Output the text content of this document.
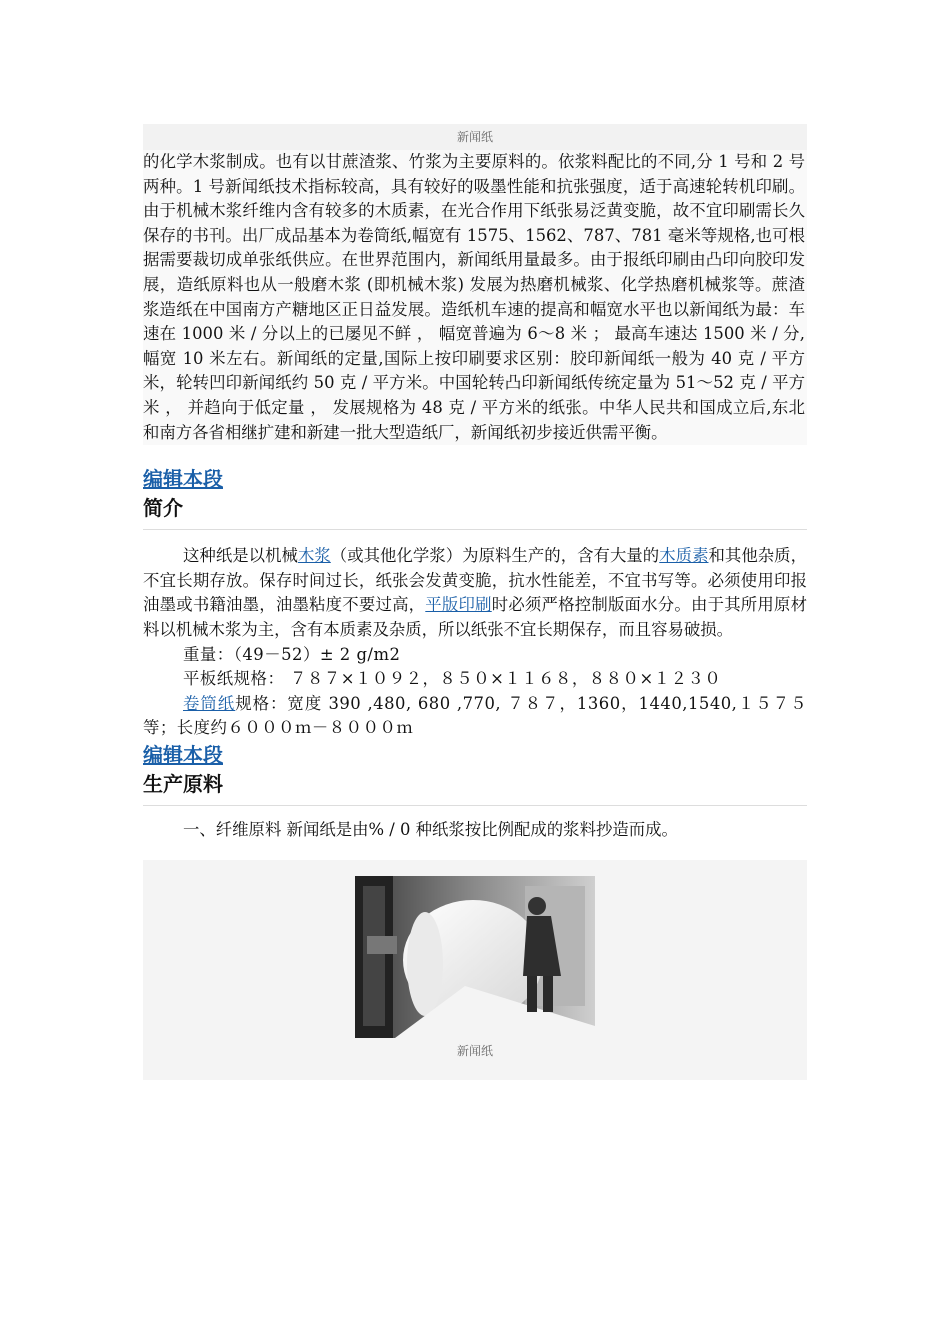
新闻纸

的化学木浆制成。也有以甘蔗渣浆、竹浆为主要原料的。依浆料配比的不同,分 1 号和 2 号两种。1 号新闻纸技术指标较高，具有较好的吸墨性能和抗张强度，适于高速轮转机印刷。由于机械木浆纤维内含有较多的木质素，在光合作用下纸张易泛黄变脆，故不宜印刷需长久保存的书刊。出厂成品基本为卷筒纸,幅宽有 1575、1562、787、781 毫米等规格,也可根据需要裁切成单张纸供应。在世界范围内，新闻纸用量最多。由于报纸印刷由凸印向胶印发展，造纸原料也从一般磨木浆 (即机械木浆) 发展为热磨机械浆、化学热磨机械浆等。蔗渣浆造纸在中国南方产糖地区正日益发展。造纸机车速的提高和幅宽水平也以新闻纸为最：车速在 1000 米 / 分以上的已屡见不鲜 ， 幅宽普遍为 6～8 米 ； 最高车速达 1500 米 / 分,幅宽 10 米左右。新闻纸的定量,国际上按印刷要求区别：胶印新闻纸一般为 40 克 / 平方米，轮转凹印新闻纸约 50 克 / 平方米。中国轮转凸印新闻纸传统定量为 51～52 克 / 平方米 ， 并趋向于低定量 ， 发展规格为 48 克 / 平方米的纸张。中华人民共和国成立后,东北和南方各省相继扩建和新建一批大型造纸厂，新闻纸初步接近供需平衡。

编辑本段
简介

这种纸是以机械木浆（或其他化学浆）为原料生产的，含有大量的木质素和其他杂质，不宜长期存放。保存时间过长，纸张会发黄变脆，抗水性能差，不宜书写等。必须使用印报油墨或书籍油墨，油墨粘度不要过高，平版印刷时必须严格控制版面水分。由于其所用原材料以机械木浆为主，含有本质素及杂质，所以纸张不宜长期保存，而且容易破损。

重量：（49－52）± 2 g/m2

平板纸规格： ７８７×１０９２，８５０×１１６８，８８０×１２３０

卷筒纸规格：宽度 390 ,480, 680 ,770, ７８７，1360，1440,1540,１５７５等；长度约６０００ｍ－８０００ｍ

编辑本段
生产原料

一、纤维原料 新闻纸是由% / 0 种纸浆按比例配成的浆料抄造而成。

新闻纸
